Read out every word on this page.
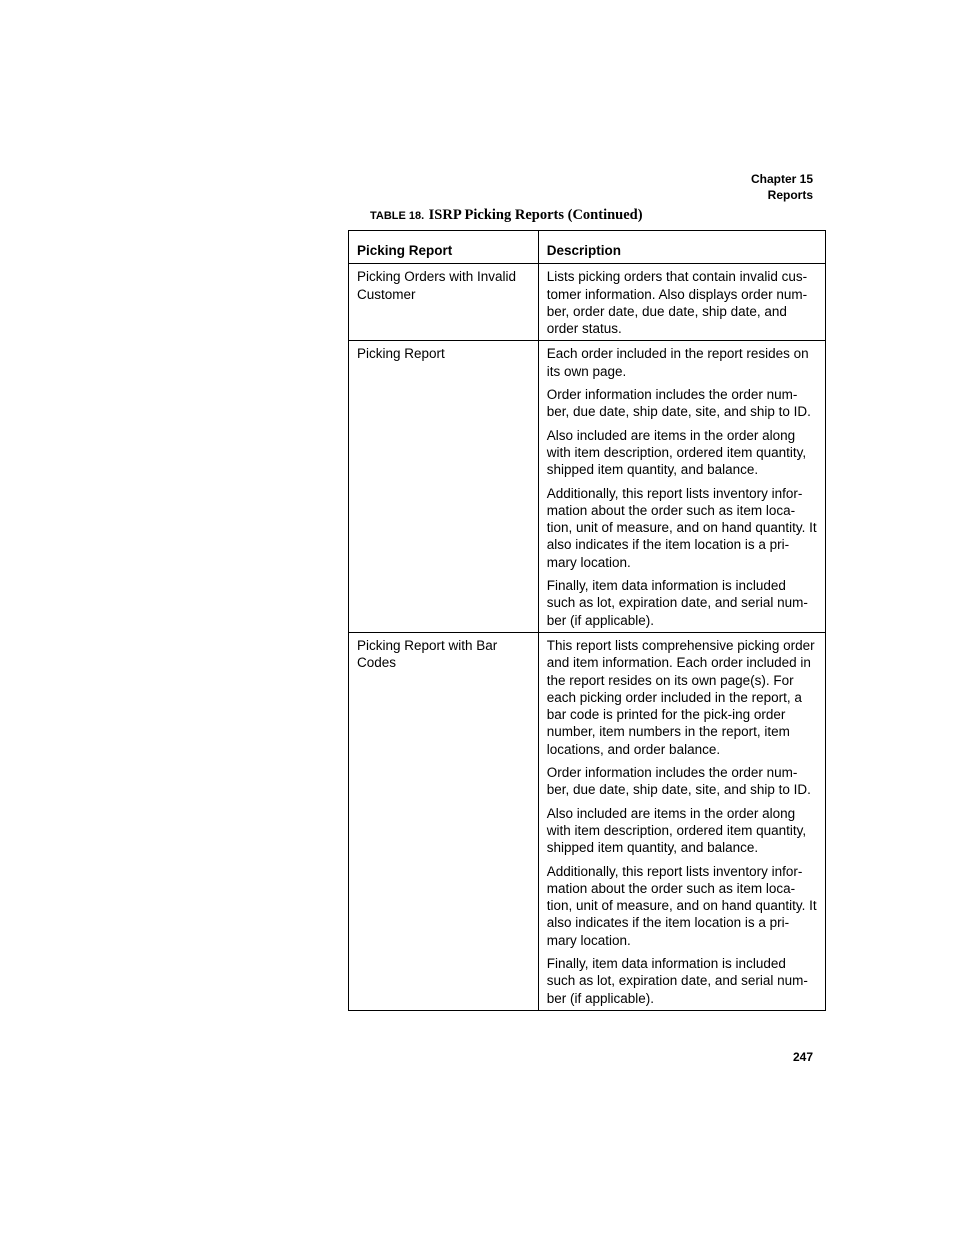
Chapter 15
Reports
TABLE 18. ISRP Picking Reports (Continued)
Picking Report	Description
Picking Orders with Invalid Customer	Lists picking orders that contain invalid cus-tomer information. Also displays order num-ber, order date, due date, ship date, and order status.

Picking Report	Each order included in the report resides on its own page.
Order information includes the order num-ber, due date, ship date, site, and ship to ID.
Also included are items in the order along with item description, ordered item quantity, shipped item quantity, and balance.
Additionally, this report lists inventory infor-mation about the order such as item loca-tion, unit of measure, and on hand quantity. It also indicates if the item location is a pri-mary location.
Finally, item data information is included such as lot, expiration date, and serial num-ber (if applicable).

Picking Report with Bar Codes	This report lists comprehensive picking order and item information. Each order included in the report resides on its own page(s). For each picking order included in the report, a bar code is printed for the pick-ing order number, item numbers in the report, item locations, and order balance.
Order information includes the order num-ber, due date, ship date, site, and ship to ID.
Also included are items in the order along with item description, ordered item quantity, shipped item quantity, and balance.
Additionally, this report lists inventory infor-mation about the order such as item loca-tion, unit of measure, and on hand quantity. It also indicates if the item location is a pri-mary location.
Finally, item data information is included such as lot, expiration date, and serial num-ber (if applicable).
247
